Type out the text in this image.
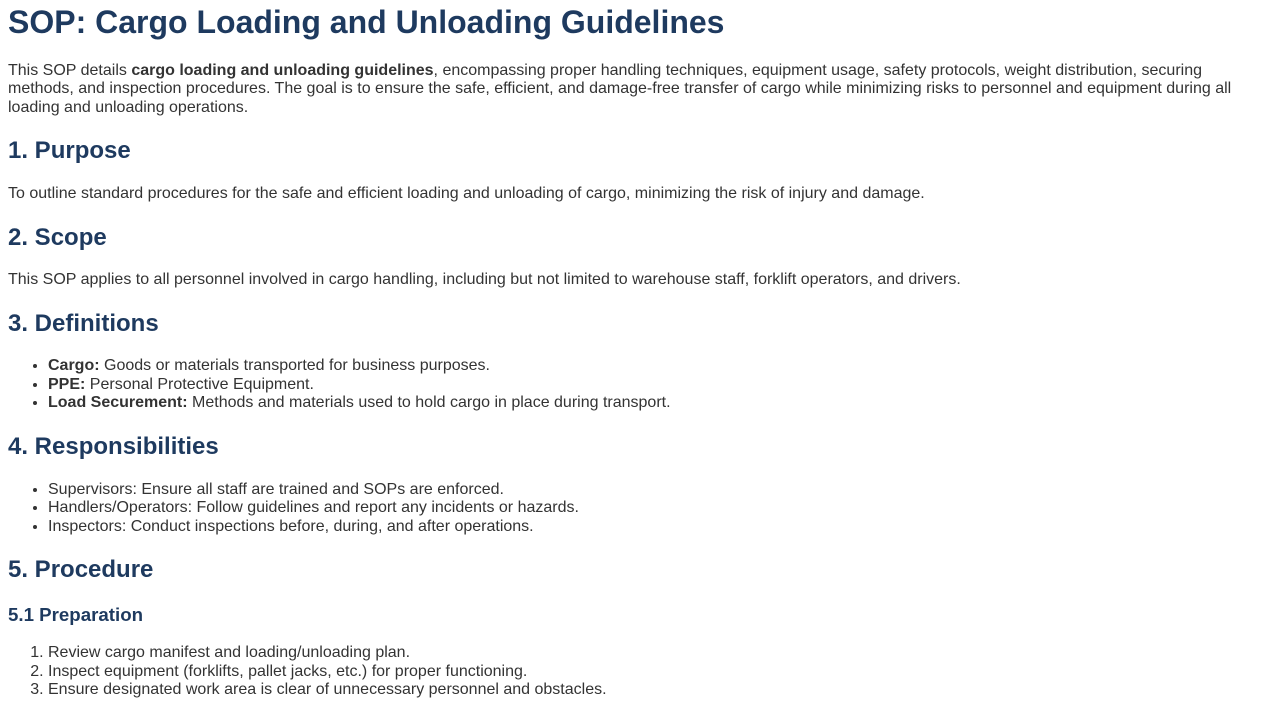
SOP: Cargo Loading and Unloading Guidelines

This SOP details cargo loading and unloading guidelines, encompassing proper handling techniques, equipment usage, safety protocols, weight distribution, securing methods, and inspection procedures. The goal is to ensure the safe, efficient, and damage-free transfer of cargo while minimizing risks to personnel and equipment during all loading and unloading operations.

1. Purpose

To outline standard procedures for the safe and efficient loading and unloading of cargo, minimizing the risk of injury and damage.

2. Scope

This SOP applies to all personnel involved in cargo handling, including but not limited to warehouse staff, forklift operators, and drivers.

3. Definitions
• Cargo: Goods or materials transported for business purposes.
• PPE: Personal Protective Equipment.
• Load Securement: Methods and materials used to hold cargo in place during transport.
4. Responsibilities
• Supervisors: Ensure all staff are trained and SOPs are enforced.
• Handlers/Operators: Follow guidelines and report any incidents or hazards.
• Inspectors: Conduct inspections before, during, and after operations.
5. Procedure
5.1 Preparation
1. Review cargo manifest and loading/unloading plan.
2. Inspect equipment (forklifts, pallet jacks, etc.) for proper functioning.
3. Ensure designated work area is clear of unnecessary personnel and obstacles.
